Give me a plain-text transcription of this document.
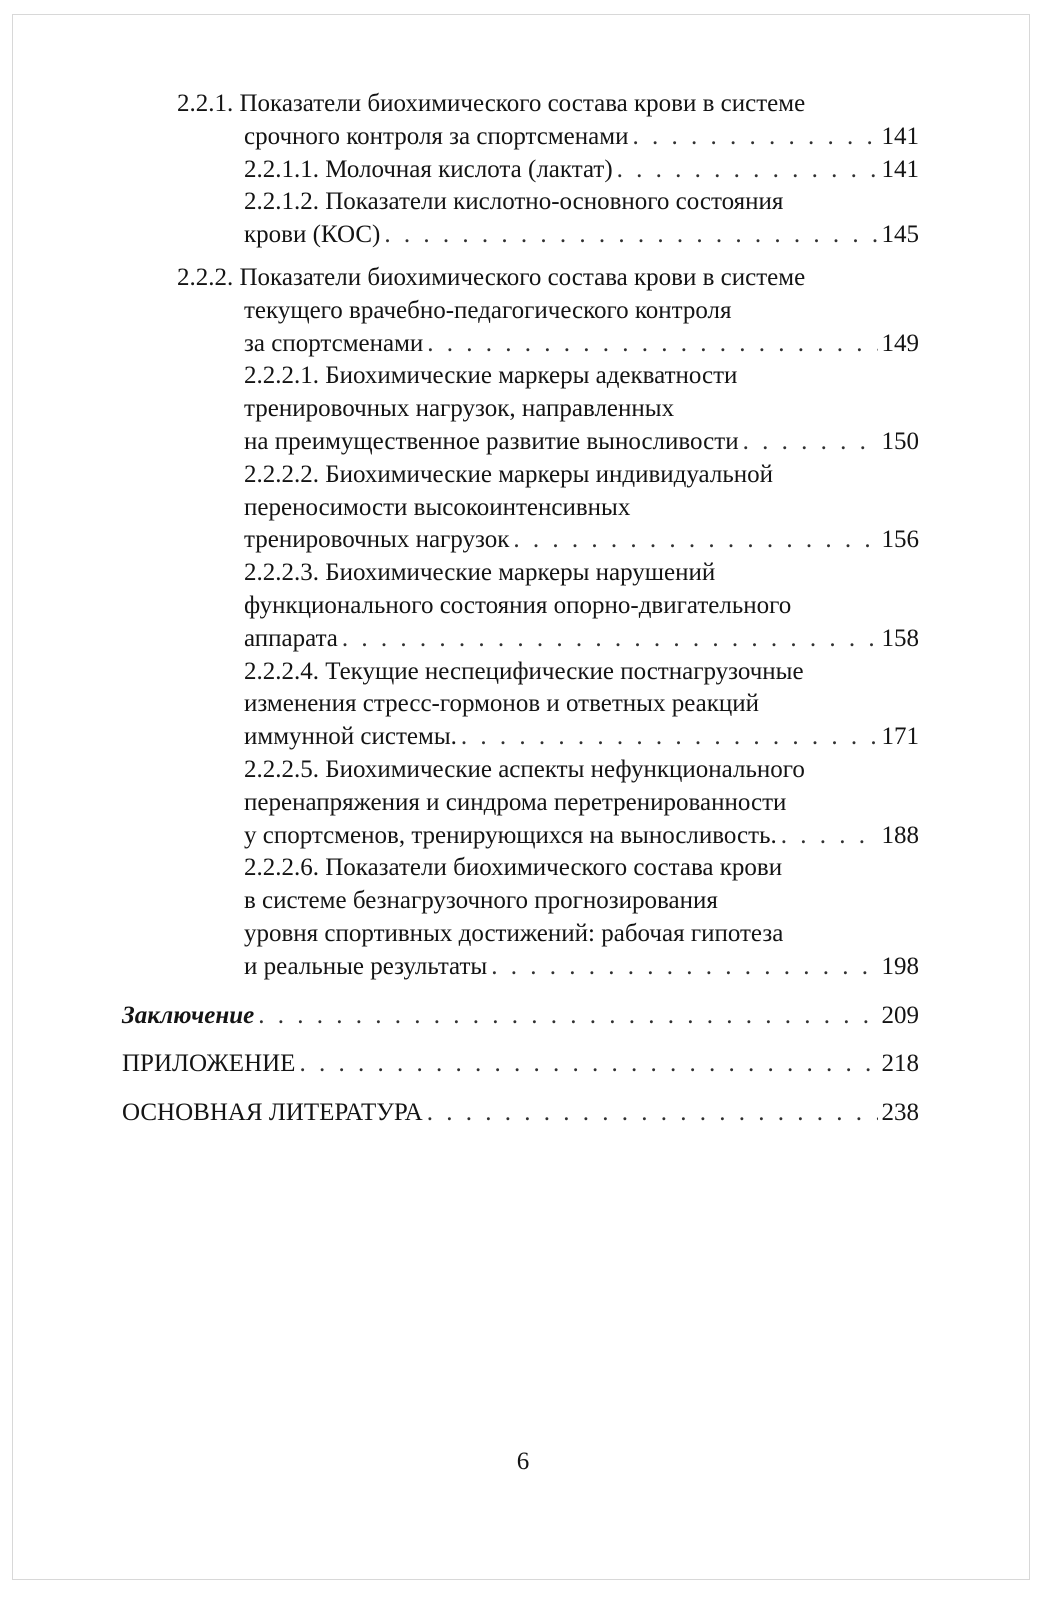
2.2.1. Показатели биохимического состава крови в системе
срочного контроля за спортсменами . . .	141
2.2.1.1. Молочная кислота (лактат) . . .	141
2.2.1.2. Показатели кислотно-основного состояния
крови (КОС) . . .	145
2.2.2. Показатели биохимического состава крови в системе
текущего врачебно-педагогического контроля
за спортсменами . . .	149
2.2.2.1. Биохимические маркеры адекватности
тренировочных нагрузок, направленных
на преимущественное развитие выносливости . . .	150
2.2.2.2. Биохимические маркеры индивидуальной
переносимости высокоинтенсивных
тренировочных нагрузок . . .	156
2.2.2.3. Биохимические маркеры нарушений
функционального состояния опорно-двигательного
аппарата . . .	158
2.2.2.4. Текущие неспецифические постнагрузочные
изменения стресс-гормонов и ответных реакций
иммунной системы. . . .	171
2.2.2.5. Биохимические аспекты нефункционального
перенапряжения и синдрома перетренированности
у спортсменов, тренирующихся на выносливость. . . .	188
2.2.2.6. Показатели биохимического состава крови
в системе безнагрузочного прогнозирования
уровня спортивных достижений: рабочая гипотеза
и реальные результаты . . .	198
Заключение . . .	209
ПРИЛОЖЕНИЕ . . .	218
ОСНОВНАЯ ЛИТЕРАТУРА . . .	238
6
